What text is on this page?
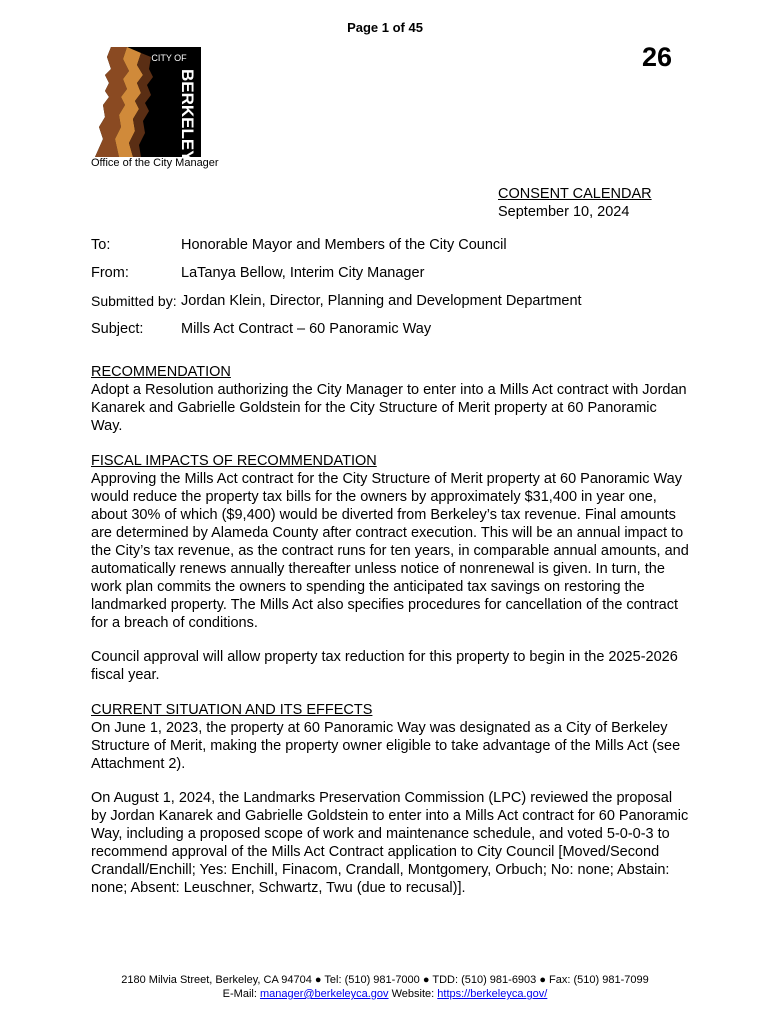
Page 1 of 45
26
CITY OF
BERKELEY
Office of the City Manager
CONSENT CALENDAR
September 10, 2024
To:	Honorable Mayor and Members of the City Council
From:	LaTanya Bellow, Interim City Manager
Submitted by: Jordan Klein, Director, Planning and Development Department
Subject:	Mills Act Contract – 60 Panoramic Way
RECOMMENDATION

Adopt a Resolution authorizing the City Manager to enter into a Mills Act contract with Jordan Kanarek and Gabrielle Goldstein for the City Structure of Merit property at 60 Panoramic Way.

FISCAL IMPACTS OF RECOMMENDATION

Approving the Mills Act contract for the City Structure of Merit property at 60 Panoramic Way would reduce the property tax bills for the owners by approximately $31,400 in year one, about 30% of which ($9,400) would be diverted from Berkeley’s tax revenue. Final amounts are determined by Alameda County after contract execution. This will be an annual impact to the City’s tax revenue, as the contract runs for ten years, in comparable annual amounts, and automatically renews annually thereafter unless notice of nonrenewal is given. In turn, the work plan commits the owners to spending the anticipated tax savings on restoring the landmarked property. The Mills Act also specifies procedures for cancellation of the contract for a breach of conditions.

Council approval will allow property tax reduction for this property to begin in the 2025-2026 fiscal year.

CURRENT SITUATION AND ITS EFFECTS

On June 1, 2023, the property at 60 Panoramic Way was designated as a City of Berkeley Structure of Merit, making the property owner eligible to take advantage of the Mills Act (see Attachment 2).

On August 1, 2024, the Landmarks Preservation Commission (LPC) reviewed the proposal by Jordan Kanarek and Gabrielle Goldstein to enter into a Mills Act contract for 60 Panoramic Way, including a proposed scope of work and maintenance schedule, and voted 5-0-0-3 to recommend approval of the Mills Act Contract application to City Council [Moved/Second Crandall/Enchill; Yes: Enchill, Finacom, Crandall, Montgomery, Orbuch; No: none; Abstain: none; Absent: Leuschner, Schwartz, Twu (due to recusal)].

2180 Milvia Street, Berkeley, CA 94704 ● Tel: (510) 981-7000 ● TDD: (510) 981-6903 ● Fax: (510) 981-7099
E-Mail: manager@berkeleyca.gov Website: https://berkeleyca.gov/
